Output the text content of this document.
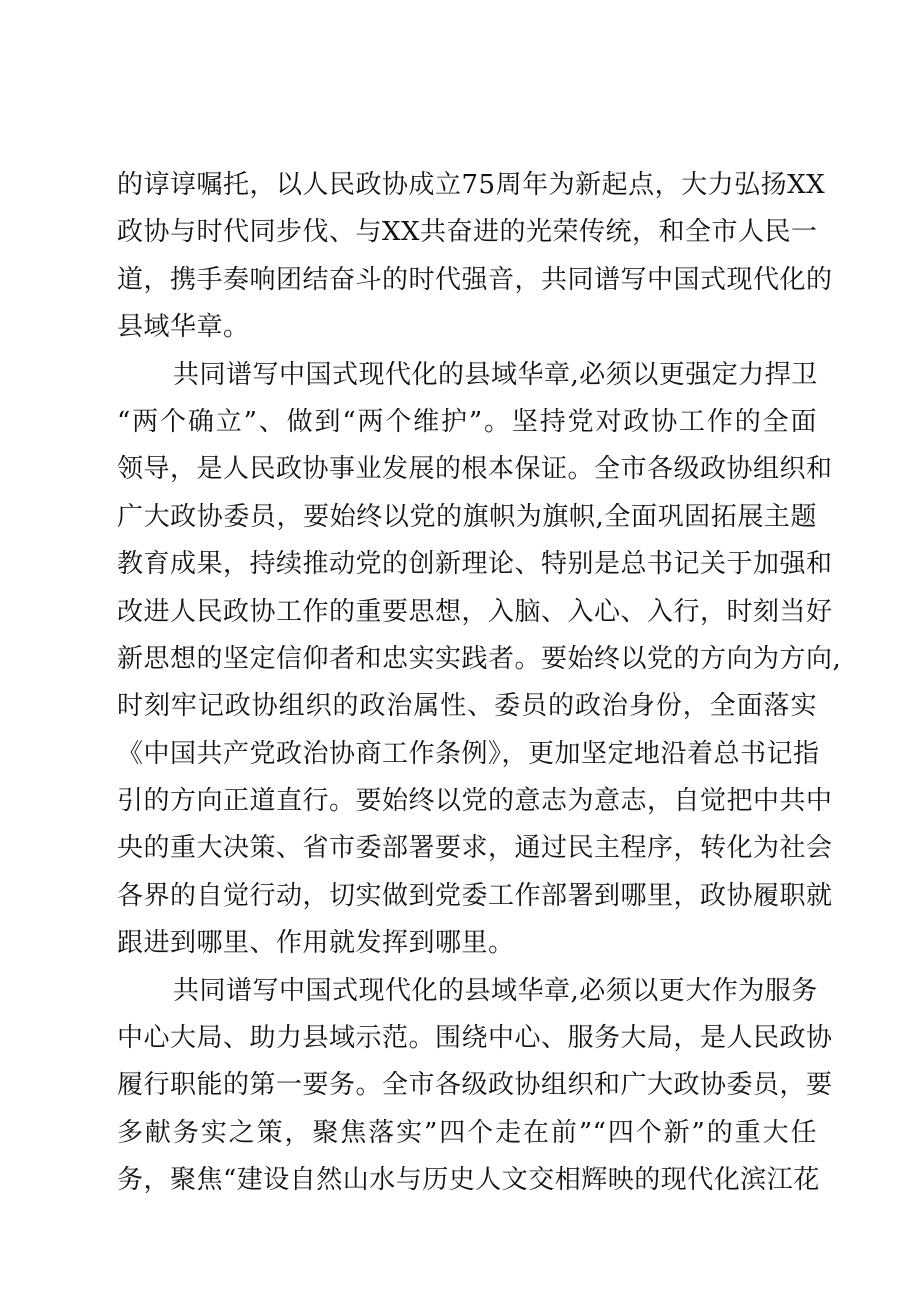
的谆谆嘱托，以人民政协成立75周年为新起点，大力弘扬XX
政协与时代同步伐、与XX共奋进的光荣传统，和全市人民一
道，携手奏响团结奋斗的时代强音，共同谱写中国式现代化的
县域华章。
共同谱写中国式现代化的县域华章,必须以更强定力捍卫
“两个确立”、做到“两个维护”。坚持党对政协工作的全面
领导，是人民政协事业发展的根本保证。全市各级政协组织和
广大政协委员，要始终以党的旗帜为旗帜,全面巩固拓展主题
教育成果，持续推动党的创新理论、特别是总书记关于加强和
改进人民政协工作的重要思想，入脑、入心、入行，时刻当好
新思想的坚定信仰者和忠实实践者。要始终以党的方向为方向,
时刻牢记政协组织的政治属性、委员的政治身份，全面落实
《中国共产党政治协商工作条例》，更加坚定地沿着总书记指
引的方向正道直行。要始终以党的意志为意志，自觉把中共中
央的重大决策、省市委部署要求，通过民主程序，转化为社会
各界的自觉行动，切实做到党委工作部署到哪里，政协履职就
跟进到哪里、作用就发挥到哪里。
共同谱写中国式现代化的县域华章,必须以更大作为服务
中心大局、助力县域示范。围绕中心、服务大局，是人民政协
履行职能的第一要务。全市各级政协组织和广大政协委员，要
多献务实之策，聚焦落实”四个走在前”“四个新”的重大任
务，聚焦“建设自然山水与历史人文交相辉映的现代化滨江花
